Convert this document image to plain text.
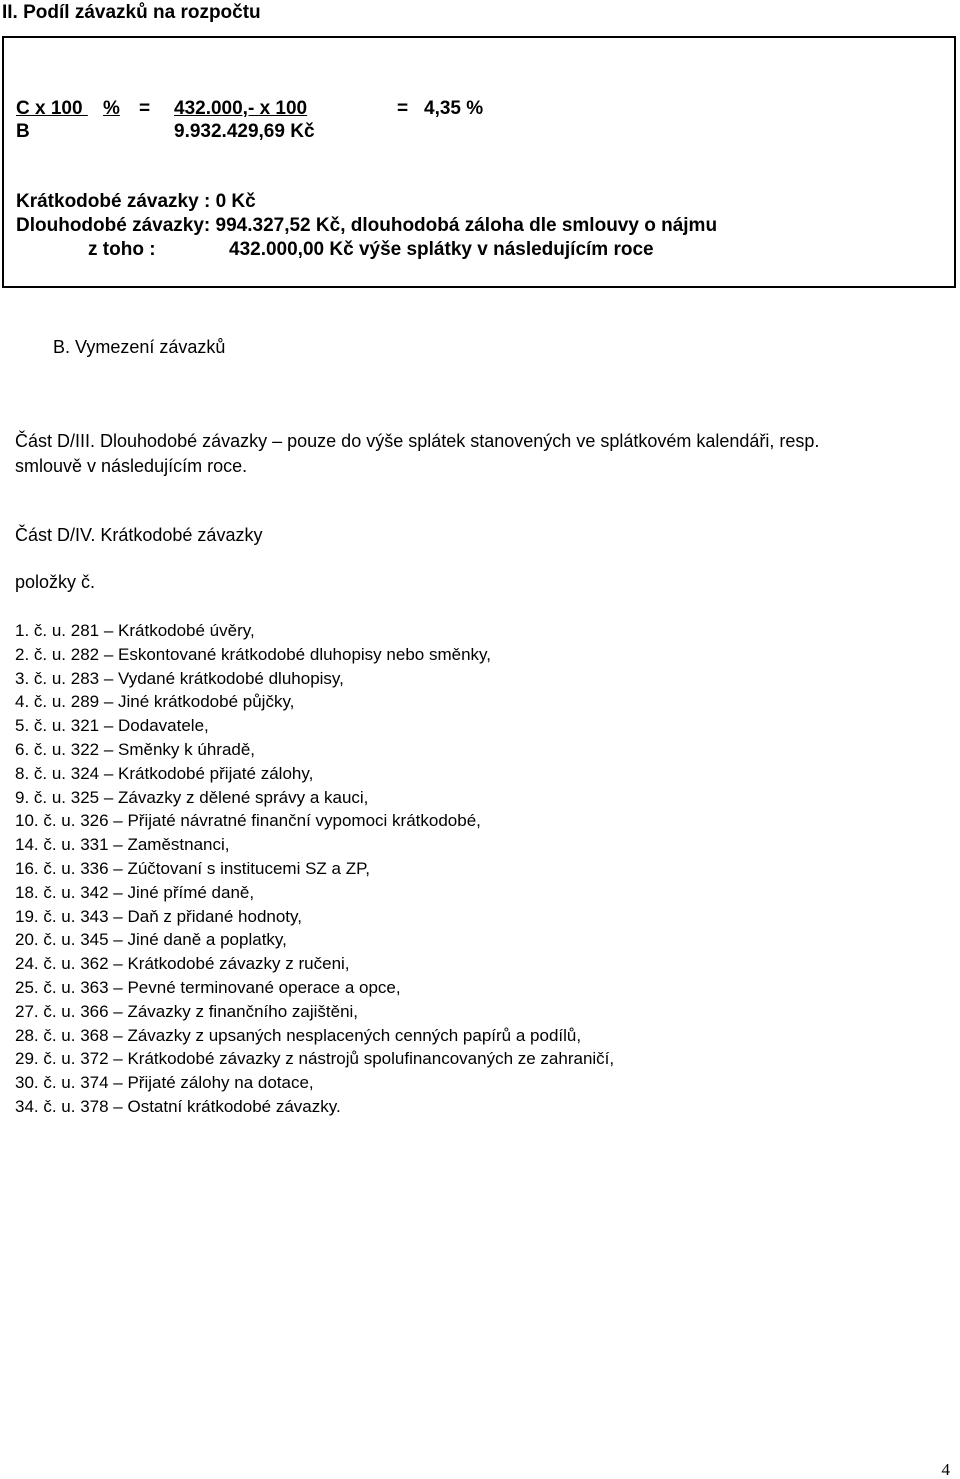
II. Podíl závazků na rozpočtu
C x 100 % = 432.000,- x 100	= 4,35 %
B	9.932.429,69 Kč
Krátkodobé závazky : 0 Kč
Dlouhodobé závazky: 994.327,52 Kč, dlouhodobá záloha dle smlouvy o nájmu
z toho :	432.000,00 Kč výše splátky v následujícím roce
B. Vymezení závazků
Část D/III. Dlouhodobé závazky – pouze do výše splátek stanovených ve splátkovém kalendáři, resp.
smlouvě v následujícím roce.
Část D/IV. Krátkodobé závazky
položky č.
1. č. u. 281 – Krátkodobé úvěry,
2. č. u. 282 – Eskontované krátkodobé dluhopisy nebo směnky,
3. č. u. 283 – Vydané krátkodobé dluhopisy,
4. č. u. 289 – Jiné krátkodobé půjčky,
5. č. u. 321 – Dodavatele,
6. č. u. 322 – Směnky k úhradě,
8. č. u. 324 – Krátkodobé přijaté zálohy,
9. č. u. 325 – Závazky z dělené správy a kauci,
10. č. u. 326 – Přijaté návratné finanční vypomoci krátkodobé,
14. č. u. 331 – Zaměstnanci,
16. č. u. 336 – Zúčtovaní s institucemi SZ a ZP,
18. č. u. 342 – Jiné přímé daně,
19. č. u. 343 – Daň z přidané hodnoty,
20. č. u. 345 – Jiné daně a poplatky,
24. č. u. 362 – Krátkodobé závazky z ručeni,
25. č. u. 363 – Pevné terminované operace a opce,
27. č. u. 366 – Závazky z finančního zajištěni,
28. č. u. 368 – Závazky z upsaných nesplacených cenných papírů a podílů,
29. č. u. 372 – Krátkodobé závazky z nástrojů spolufinancovaných ze zahraničí,
30. č. u. 374 – Přijaté zálohy na dotace,
34. č. u. 378 – Ostatní krátkodobé závazky.
4
